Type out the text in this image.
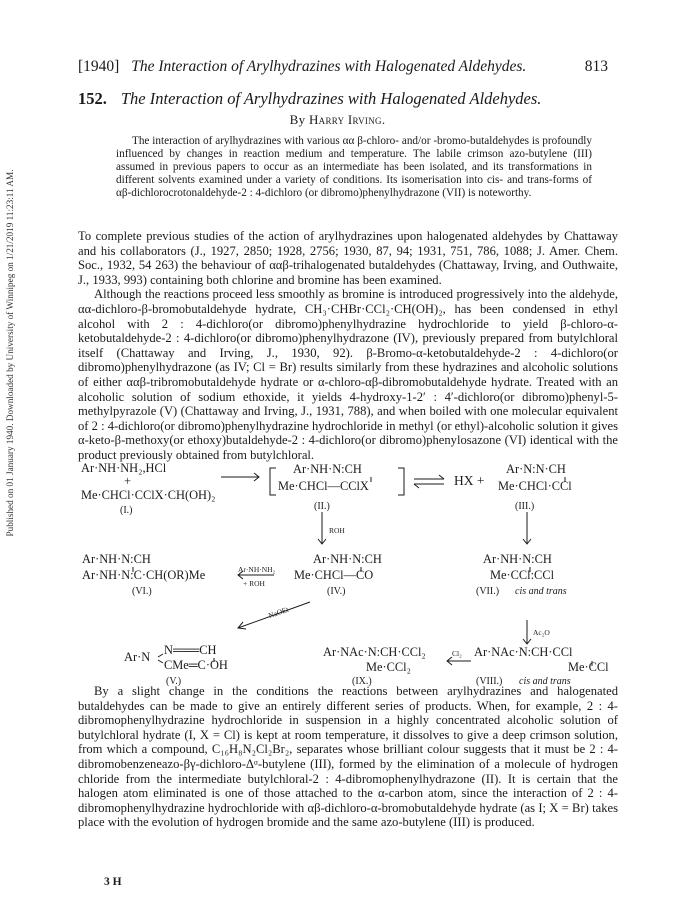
Published on 01 January 1940. Downloaded by University of Winnipeg on 1/21/2019 11:23:11 AM.
[1940] The Interaction of Arylhydrazines with Halogenated Aldehydes.	813
152. The Interaction of Arylhydrazines with Halogenated Aldehydes.
By Harry Irving.
The interaction of arylhydrazines with various αα β-chloro- and/or -bromo-butaldehydes is profoundly influenced by changes in reaction medium and temperature. The labile crimson azo-butylene (III) assumed in previous papers to occur as an intermediate has been isolated, and its transformations in different solvents examined under a variety of conditions. Its isomerisation into cis- and trans-forms of αβ-dichlorocrotonaldehyde-2 : 4-dichloro (or dibromo)phenylhydrazone (VII) is noteworthy.

To complete previous studies of the action of arylhydrazines upon halogenated aldehydes by Chattaway and his collaborators (J., 1927, 2850; 1928, 2756; 1930, 87, 94; 1931, 751, 786, 1088; J. Amer. Chem. Soc., 1932, 54 263) the behaviour of ααβ-trihalogenated butaldehydes (Chattaway, Irving, and Outhwaite, J., 1933, 993) containing both chlorine and bromine has been examined.

Although the reactions proceed less smoothly as bromine is introduced progressively into the aldehyde, αα-dichloro-β-bromobutaldehyde hydrate, CH₃·CHBr·CCl₂·CH(OH)₂, has been condensed in ethyl alcohol with 2 : 4-dichloro(or dibromo)phenylhydrazine hydrochloride to yield β-chloro-α-ketobutaldehyde-2 : 4-dichloro(or dibromo)phenylhydrazone (IV), previously prepared from butylchloral itself (Chattaway and Irving, J., 1930, 92). β-Bromo-α-ketobutaldehyde-2 : 4-dichloro(or dibromo)phenylhydrazone (as IV; Cl = Br) results similarly from these hydrazines and alcoholic solutions of either ααβ-tribromobutaldehyde hydrate or α-chloro-αβ-dibromobutaldehyde hydrate. Treated with an alcoholic solution of sodium ethoxide, it yields 4-hydroxy-1-2′ : 4′-dichloro(or dibromo)phenyl-5-methylpyrazole (V) (Chattaway and Irving, J., 1931, 788), and when boiled with one molecular equivalent of 2 : 4-dichloro(or dibromo)phenylhydrazine hydrochloride in methyl (or ethyl)-alcoholic solution it gives α-keto-β-methoxy(or ethoxy)butaldehyde-2 : 4-dichloro(or dibromo)phenylosazone (VI) identical with the product previously obtained from butylchloral.

Ar·NH·NH₂,HCl
+
Me·CHCl·CClX·CH(OH)₂
(I.)
Ar·NH·N:CH
Me·CHCl—CClX
(II.)
ROH
HX +
Ar·N:N·CH
Me·CHCl·CCl
(III.)
Ar·NH·N:CH
Ar·NH·N:C·CH(OR)Me
(VI.)
Ar·NH·NH₂
+ ROH
Ar·NH·N:CH
Me·CHCl—CO
(IV.)
Ar·NH·N:CH
Me·CCl:CCl
(VII.) cis and trans
NaOEt
Ac₂O
Ar·N N═══CH
CMe═C·OH
(V.)
Ar·NAc·N:CH·CCl₂
Me·CCl₂
(IX.)
Cl₂ Ar·NAc·N:CH·CCl
Me·CCl
(VIII.) cis and trans
By a slight change in the conditions the reactions between arylhydrazines and halogenated butaldehydes can be made to give an entirely different series of products. When, for example, 2 : 4-dibromophenylhydrazine hydrochloride in suspension in a highly concentrated alcoholic solution of butylchloral hydrate (I, X = Cl) is kept at room temperature, it dissolves to give a deep crimson solution, from which a compound, C₁₆H₈N₂Cl₂Br₂, separates whose brilliant colour suggests that it must be 2 : 4-dibromobenzeneazo-βγ-dichloro-Δᵅ-butylene (III), formed by the elimination of a molecule of hydrogen chloride from the intermediate butylchloral-2 : 4-dibromophenylhydrazone (II). It is certain that the halogen atom eliminated is one of those attached to the α-carbon atom, since the interaction of 2 : 4-dibromophenylhydrazine hydrochloride with αβ-dichloro-α-bromobutaldehyde hydrate (as I; X = Br) takes place with the evolution of hydrogen bromide and the same azo-butylene (III) is produced.
3 H
